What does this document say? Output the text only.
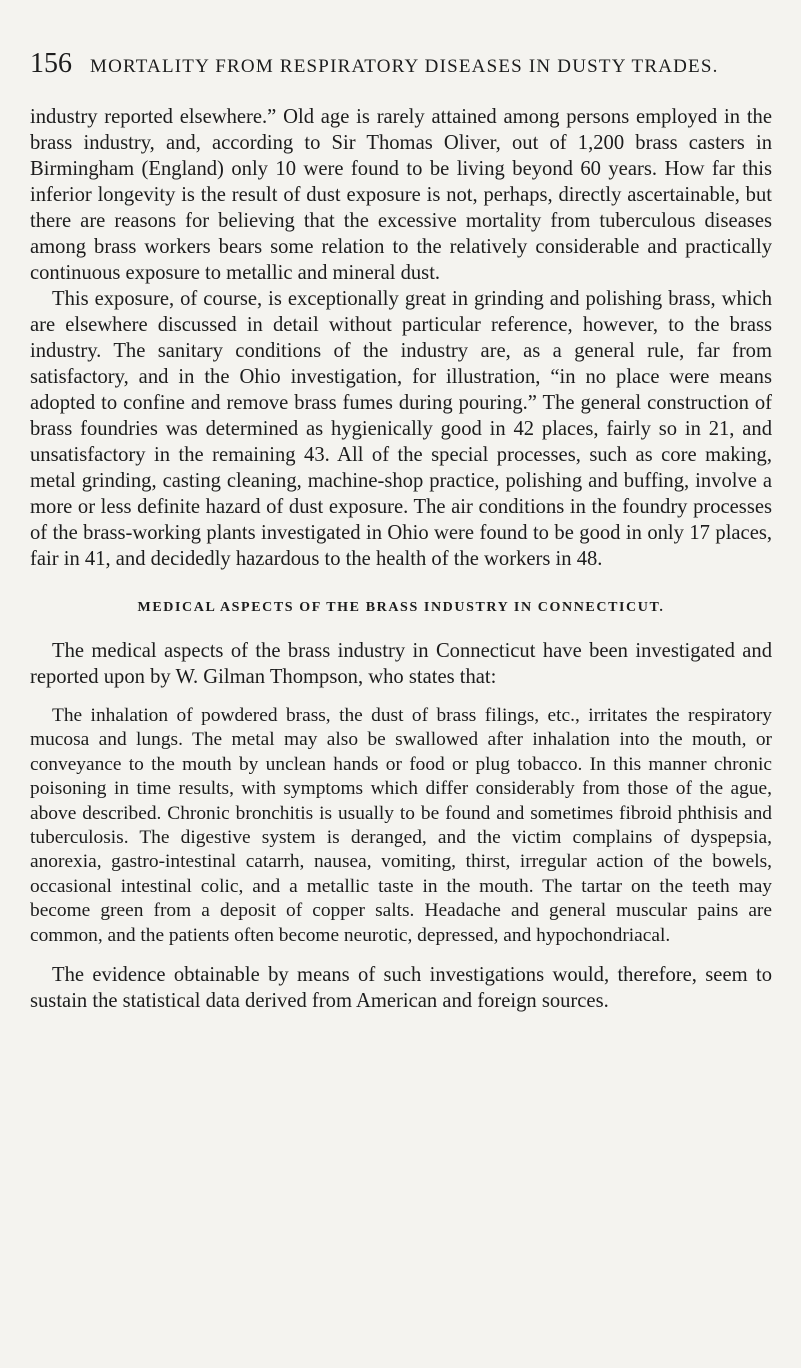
156 MORTALITY FROM RESPIRATORY DISEASES IN DUSTY TRADES.

industry reported elsewhere.” Old age is rarely attained among persons employed in the brass industry, and, according to Sir Thomas Oliver, out of 1,200 brass casters in Birmingham (England) only 10 were found to be living beyond 60 years. How far this inferior longevity is the result of dust exposure is not, perhaps, directly ascertainable, but there are reasons for believing that the excessive mortality from tuberculous diseases among brass workers bears some relation to the relatively considerable and practically continuous exposure to metallic and mineral dust.

This exposure, of course, is exceptionally great in grinding and polishing brass, which are elsewhere discussed in detail without particular reference, however, to the brass industry. The sanitary conditions of the industry are, as a general rule, far from satisfactory, and in the Ohio investigation, for illustration, “in no place were means adopted to confine and remove brass fumes during pouring.” The general construction of brass foundries was determined as hygienically good in 42 places, fairly so in 21, and unsatisfactory in the remaining 43. All of the special processes, such as core making, metal grinding, casting cleaning, machine-shop practice, polishing and buffing, involve a more or less definite hazard of dust exposure. The air conditions in the foundry processes of the brass-working plants investigated in Ohio were found to be good in only 17 places, fair in 41, and decidedly hazardous to the health of the workers in 48.

MEDICAL ASPECTS OF THE BRASS INDUSTRY IN CONNECTICUT.

The medical aspects of the brass industry in Connecticut have been investigated and reported upon by W. Gilman Thompson, who states that:

The inhalation of powdered brass, the dust of brass filings, etc., irritates the respiratory mucosa and lungs. The metal may also be swallowed after inhalation into the mouth, or conveyance to the mouth by unclean hands or food or plug tobacco. In this manner chronic poisoning in time results, with symptoms which differ considerably from those of the ague, above described. Chronic bronchitis is usually to be found and sometimes fibroid phthisis and tuberculosis. The digestive system is deranged, and the victim complains of dyspepsia, anorexia, gastro-intestinal catarrh, nausea, vomiting, thirst, irregular action of the bowels, occasional intestinal colic, and a metallic taste in the mouth. The tartar on the teeth may become green from a deposit of copper salts. Headache and general muscular pains are common, and the patients often become neurotic, depressed, and hypochondriacal.

The evidence obtainable by means of such investigations would, therefore, seem to sustain the statistical data derived from American and foreign sources.
